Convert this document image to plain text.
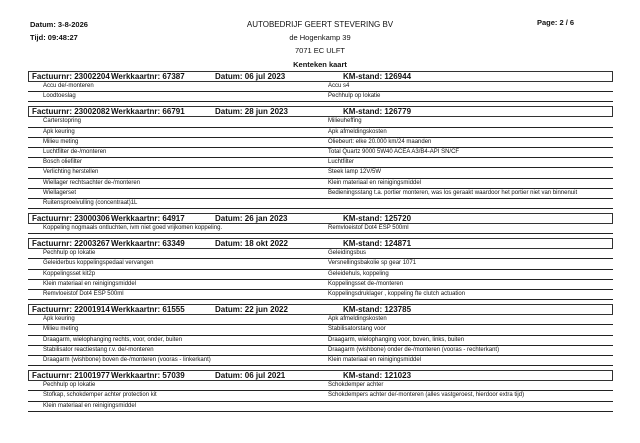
Datum: 3-8-2026
Tijd: 09:48:27
AUTOBEDRIJF GEERT STEVERING BV
de Hogenkamp 39
7071 EC ULFT
Page: 2 / 6
Kenteken kaart
Factuurnr: 23002204 Werkkaartnr: 67387	Datum: 06 jul 2023	KM-stand: 126944
Accu de/-monteren	Accu s4
Loodtoeslag	Pechhulp op lokatie
Factuurnr: 23002082 Werkkaartnr: 66791	Datum: 28 jun 2023	KM-stand: 126779
Carterstopring	Milieuheffing
Apk keuring	Apk afmeldingskosten
Milieu meting	Oliebeurt: elke 20.000 km/24 maanden
Luchtfilter de-/monteren	Total Quartz 9000 5W40 ACEA A3/B4-API SN/CF
Bosch oliefilter	Luchtfilter
Verlichting herstellen	Steek lamp 12V/5W
Wiellager rechtsachter de-/monteren	Klein materiaal en reinigingsmiddel
Wiellagerset	Bedieningsstang t.a. portier monteren, was los geraakt waardoor het portier niet van binnenuit
Ruitensproeivulling (concentraat)1L
Factuurnr: 23000306 Werkkaartnr: 64917	Datum: 26 jan 2023	KM-stand: 125720
Koppeling nogmaals ontluchten, ivm niet goed vrijkomen koppeling.	Remvloeistof Dot4 ESP 500ml
Factuurnr: 22003267 Werkkaartnr: 63349	Datum: 18 okt 2022	KM-stand: 124871
Pechhulp op lokatie	Geleidingsbus
Geleiderbus koppelingspedaal vervangen	Versnellingsbakolie sp gear 1071
Koppelingsset kit2p	Geleidehuls, koppeling
Klein materiaal en reinigingsmiddel	Koppelingsset de-/monteren
Remvloeistof Dot4 ESP 500ml	Koppelingsdruklager , koppeling fte clutch actuation
Factuurnr: 22001914 Werkkaartnr: 61555	Datum: 22 jun 2022	KM-stand: 123785
Apk keuring	Apk afmeldingskosten
Milieu meting	Stabilisatorstang voor
Draagarm, wielophanging rechts, voor, onder, buiten	Draagarm, wielophanging voor, boven, links, buiten
Stabilisator reactiestang r.v. de/-monteren	Draagarm (wishbone) onder de-/monteren (vooras - rechterkant)
Draagarm (wishbone) boven de-/monteren (vooras - linkerkant)	Klein materiaal en reinigingsmiddel
Factuurnr: 21001977 Werkkaartnr: 57039	Datum: 06 jul 2021	KM-stand: 121023
Pechhulp op lokatie	Schokdemper achter
Stofkap, schokdemper achter protection kit	Schokdempers achter de/-monteren (alles vastgeroest, hierdoor extra tijd)
Klein materiaal en reinigingsmiddel
